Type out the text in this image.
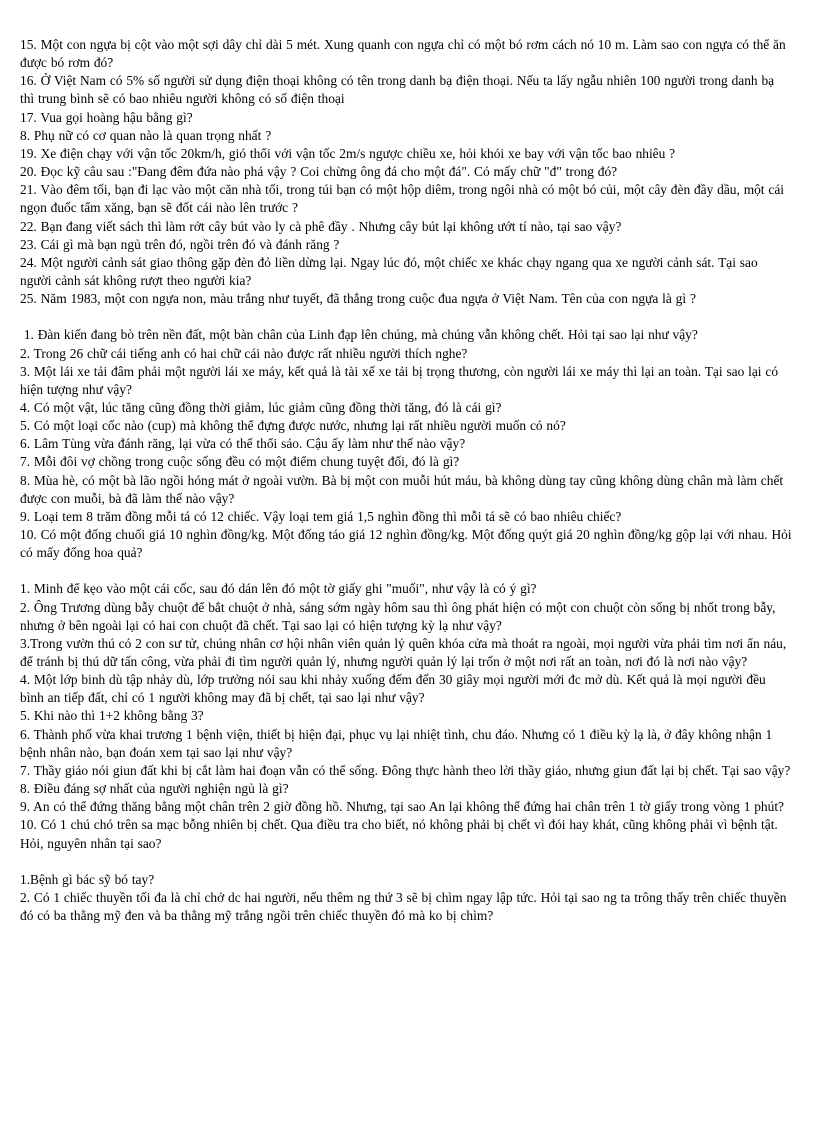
15. Một con ngựa bị cột vào một sợi dây chỉ dài 5 mét. Xung quanh con ngựa chỉ có một bó rơm cách nó 10 m. Làm sao con ngựa có thể ăn được bó rơm đó?

16. Ở Việt Nam có 5% số người sử dụng điện thoại không có tên trong danh bạ điện thoại. Nếu ta lấy ngẫu nhiên 100 người trong danh bạ thì trung bình sẽ có bao nhiêu người không có số điện thoại

17. Vua gọi hoàng hậu bằng gì?

8. Phụ nữ có cơ quan nào là quan trọng nhất ?

19. Xe điện chạy với vận tốc 20km/h, gió thổi với vận tốc 2m/s ngược chiều xe, hỏi khói xe bay với vận tốc bao nhiêu ?

20. Đọc kỹ câu sau :"Đang đêm đứa nào phá vậy ? Coi chừng ông đá cho một đá". Có mấy chữ "đ" trong đó?

21. Vào đêm tối, bạn đi lạc vào một căn nhà tối, trong túi bạn có một hộp diêm, trong ngôi nhà có một bó củi, một cây đèn đầy dầu, một cái ngọn đuốc tẩm xăng, bạn sẽ đốt cái nào lên trước ?

22. Bạn đang viết sách thì làm rớt cây bút vào ly cà phê đầy . Nhưng cây bút lại không ướt tí nào, tại sao vậy?

23. Cái gì mà bạn ngủ trên đó, ngồi trên đó và đánh răng ?

24. Một người cảnh sát giao thông gặp đèn đỏ liền dừng lại. Ngay lúc đó, một chiếc xe khác chạy ngang qua xe người cảnh sát. Tại sao người cảnh sát không rượt theo người kia?

25. Năm 1983, một con ngựa non, màu trắng như tuyết, đã thắng trong cuộc đua ngựa ở Việt Nam. Tên của con ngựa là gì ?

1. Đàn kiến đang bò trên nền đất, một bàn chân của Linh đạp lên chúng, mà chúng vẫn không chết. Hỏi tại sao lại như vậy?

2. Trong 26 chữ cái tiếng anh có hai chữ cái nào được rất nhiều người thích nghe?

3. Một lái xe tải đâm phải một người lái xe máy, kết quả là tài xế xe tải bị trọng thương, còn người lái xe máy thì lại an toàn. Tại sao lại có hiện tượng như vậy?

4. Có một vật, lúc tăng cũng đồng thời giảm, lúc giảm cũng đồng thời tăng, đó là cái gì?

5. Có một loại cốc nào (cup) mà không thể đựng được nước, nhưng lại rất nhiều người muốn có nó?

6. Lâm Tùng vừa đánh răng, lại vừa có thể thổi sáo. Cậu ấy làm như thế nào vậy?

7. Mỗi đôi vợ chồng trong cuộc sống đều có một điểm chung tuyệt đối, đó là gì?

8. Mùa hè, có một bà lão ngồi hóng mát ở ngoài vườn. Bà bị một con muỗi hút máu, bà không dùng tay cũng không dùng chân mà làm chết được con muỗi, bà đã làm thế nào vậy?

9. Loại tem 8 trăm đồng mỗi tá có 12 chiếc. Vậy loại tem giá 1,5 nghìn đồng thì mỗi tá sẽ có bao nhiêu chiếc?

10. Có một đống chuối giá 10 nghìn đồng/kg. Một đống táo giá 12 nghìn đồng/kg. Một đống quýt giá 20 nghìn đồng/kg gộp lại với nhau. Hỏi có mấy đống hoa quả?

1. Minh để kẹo vào một cái cốc, sau đó dán lên đó một tờ giấy ghi "muối", như vậy là có ý gì?

2. Ông Trương dùng bẫy chuột để bắt chuột ở nhà, sáng sớm ngày hôm sau thì ông phát hiện có một con chuột còn sống bị nhốt trong bẫy, nhưng ở bên ngoài lại có hai con chuột đã chết. Tại sao lại có hiện tượng kỳ lạ như vậy?

3.Trong vườn thú có 2 con sư tử, chúng nhân cơ hội nhân viên quản lý quên khóa cửa mà thoát ra ngoài, mọi người vừa phải tìm nơi ẩn náu, để tránh bị thú dữ tấn công, vừa phải đi tìm người quản lý, nhưng người quản lý lại trốn ở một nơi rất an toàn, nơi đó là nơi nào vậy?

4. Một lớp binh dù tập nhảy dù, lớp trưởng nói sau khi nhảy xuống đếm đến 30 giây mọi người mới đc mở dù. Kết quả là mọi người đều bình an tiếp đất, chỉ có 1 người không may đã bị chết, tại sao lại như vậy?

5. Khi nào thì 1+2 không bằng 3?

6. Thành phố vừa khai trương 1 bệnh viện, thiết bị hiện đại, phục vụ lại nhiệt tình, chu đáo. Nhưng có 1 điều kỳ lạ là, ở đây không nhận 1 bệnh nhân nào, bạn đoán xem tại sao lại như vậy?

7. Thầy giáo nói giun đất khi bị cắt làm hai đoạn vẫn có thể sống. Đông thực hành theo lời thầy giáo, nhưng giun đất lại bị chết. Tại sao vậy?

8. Điều đáng sợ nhất của người nghiện ngủ là gì?

9. An có thể đứng thăng bằng một chân trên 2 giờ đồng hồ. Nhưng, tại sao An lại không thể đứng hai chân trên 1 tờ giấy trong vòng 1 phút?

10. Có 1 chú chó trên sa mạc bỗng nhiên bị chết. Qua điều tra cho biết, nó không phải bị chết vì đói hay khát, cũng không phải vì bệnh tật. Hỏi, nguyên nhân tại sao?

1.Bệnh gì bác sỹ bó tay?

2. Có 1 chiếc thuyền tối đa là chỉ chở dc hai người, nếu thêm ng thứ 3 sẽ bị chìm ngay lập tức. Hỏi tại sao ng ta trông thấy trên chiếc thuyền đó có ba thằng mỹ đen và ba thằng mỹ trắng ngồi trên chiếc thuyền đó mà ko bị chìm?
